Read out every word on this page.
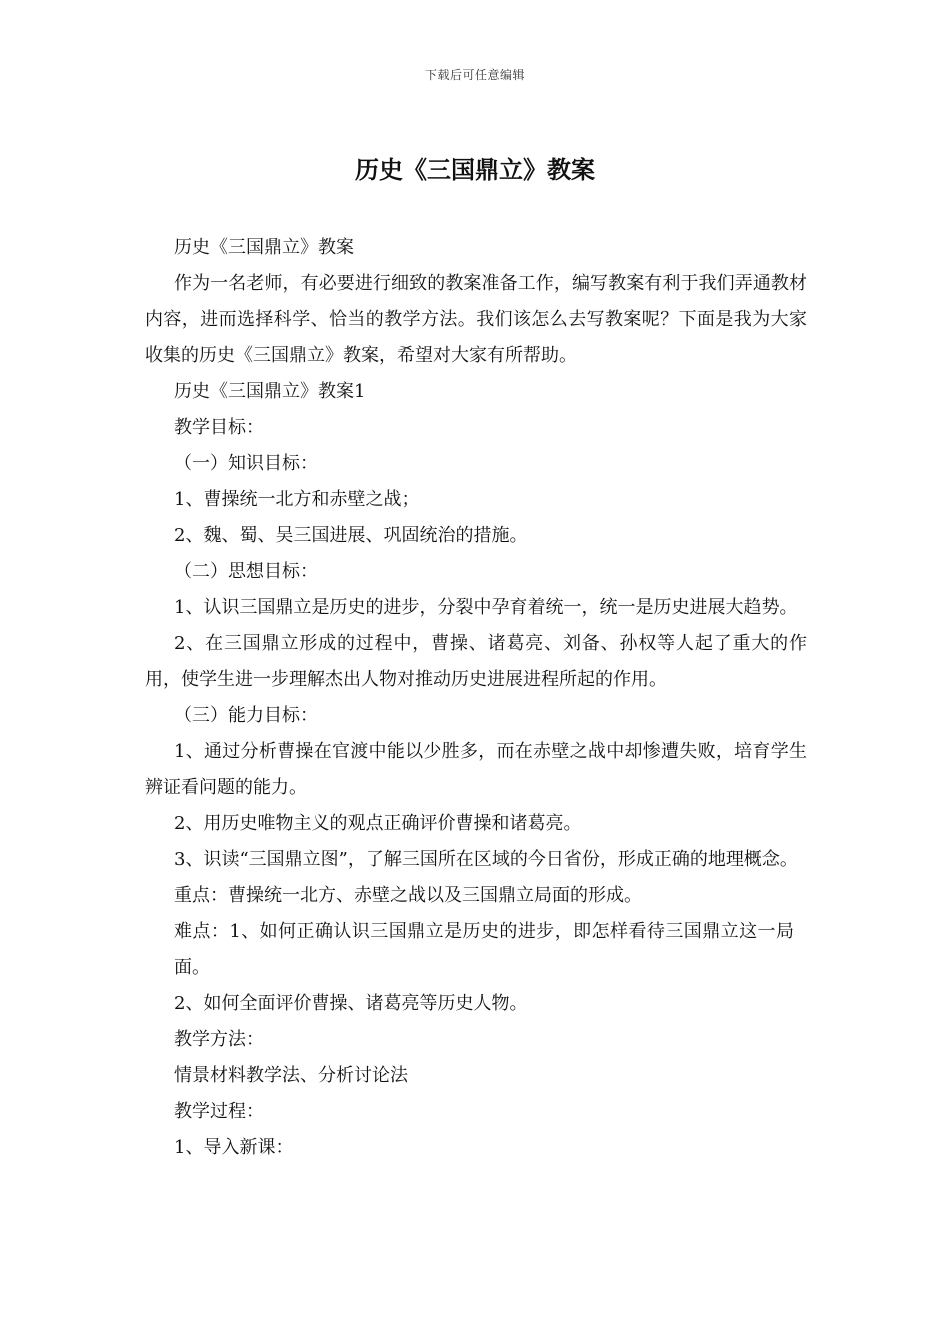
下载后可任意编辑
历史《三国鼎立》教案

历史《三国鼎立》教案

作为一名老师，有必要进行细致的教案准备工作，编写教案有利于我们弄通教材内容，进而选择科学、恰当的教学方法。我们该怎么去写教案呢？下面是我为大家收集的历史《三国鼎立》教案，希望对大家有所帮助。

历史《三国鼎立》教案1

教学目标：

（一）知识目标：

1、曹操统一北方和赤壁之战；

2、魏、蜀、吴三国进展、巩固统治的措施。

（二）思想目标：

1、认识三国鼎立是历史的进步，分裂中孕育着统一，统一是历史进展大趋势。

2、在三国鼎立形成的过程中，曹操、诸葛亮、刘备、孙权等人起了重大的作用，使学生进一步理解杰出人物对推动历史进展进程所起的作用。

（三）能力目标：

1、通过分析曹操在官渡中能以少胜多，而在赤壁之战中却惨遭失败，培育学生辨证看问题的能力。

2、用历史唯物主义的观点正确评价曹操和诸葛亮。

3、识读“三国鼎立图”，了解三国所在区域的今日省份，形成正确的地理概念。

重点：曹操统一北方、赤壁之战以及三国鼎立局面的形成。

难点：1、如何正确认识三国鼎立是历史的进步，即怎样看待三国鼎立这一局面。

2、如何全面评价曹操、诸葛亮等历史人物。

教学方法：

情景材料教学法、分析讨论法

教学过程：

1、导入新课：
